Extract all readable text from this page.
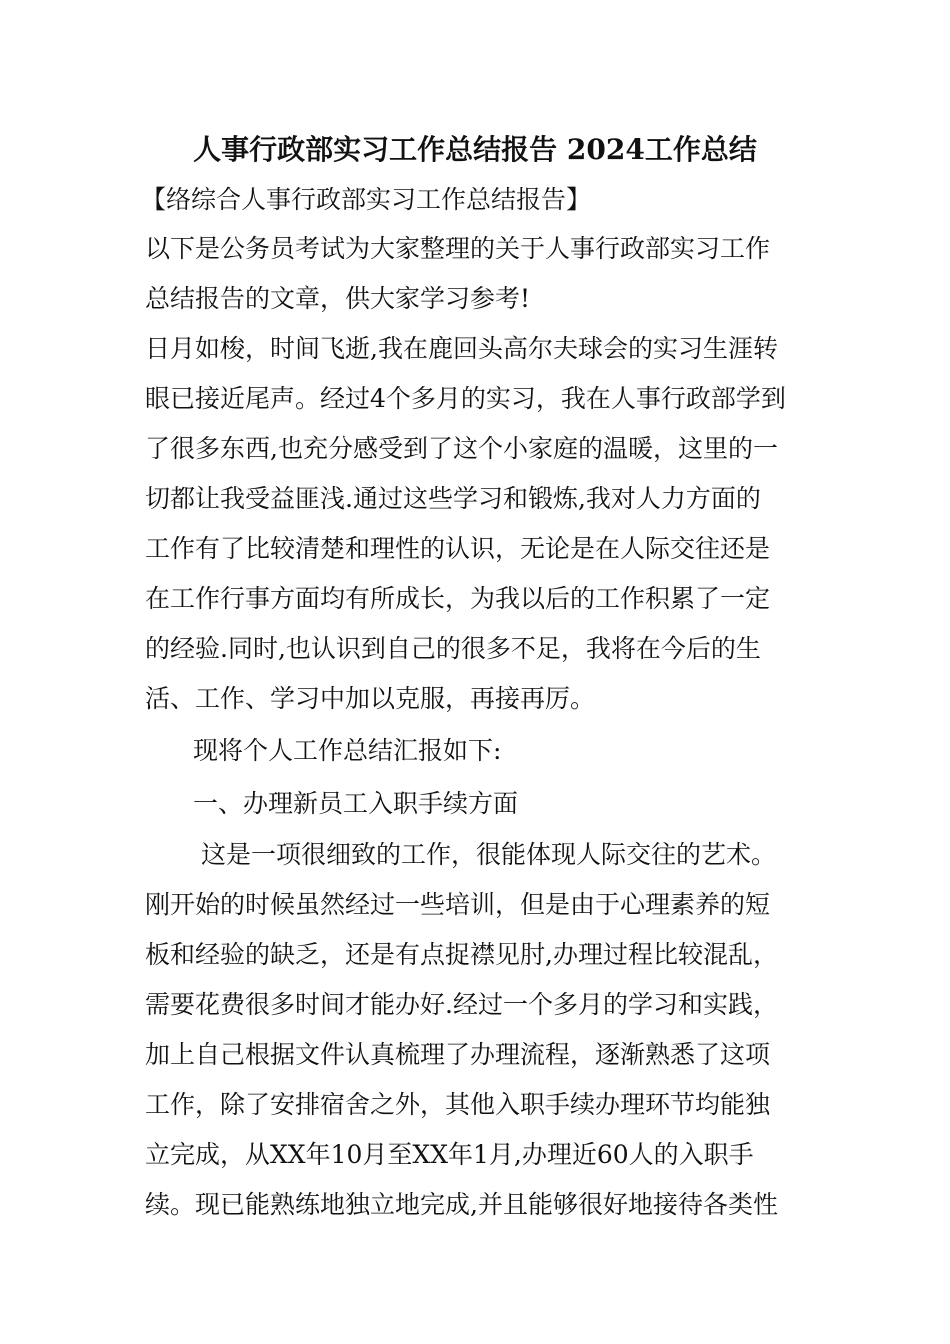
人事行政部实习工作总结报告 2024工作总结

【络综合人事行政部实习工作总结报告】

以下是公务员考试为大家整理的关于人事行政部实习工作
总结报告的文章，供大家学习参考!

日月如梭，时间飞逝,我在鹿回头高尔夫球会的实习生涯转
眼已接近尾声。经过4个多月的实习，我在人事行政部学到
了很多东西,也充分感受到了这个小家庭的温暖，这里的一
切都让我受益匪浅.通过这些学习和锻炼,我对人力方面的
工作有了比较清楚和理性的认识，无论是在人际交往还是
在工作行事方面均有所成长，为我以后的工作积累了一定
的经验.同时,也认识到自己的很多不足，我将在今后的生
活、工作、学习中加以克服，再接再厉。

现将个人工作总结汇报如下:

一、办理新员工入职手续方面

这是一项很细致的工作，很能体现人际交往的艺术。
刚开始的时候虽然经过一些培训，但是由于心理素养的短
板和经验的缺乏，还是有点捉襟见肘,办理过程比较混乱，
需要花费很多时间才能办好.经过一个多月的学习和实践，
加上自己根据文件认真梳理了办理流程，逐渐熟悉了这项
工作，除了安排宿舍之外，其他入职手续办理环节均能独
立完成，从XX年10月至XX年1月,办理近60人的入职手
续。现已能熟练地独立地完成,并且能够很好地接待各类性
